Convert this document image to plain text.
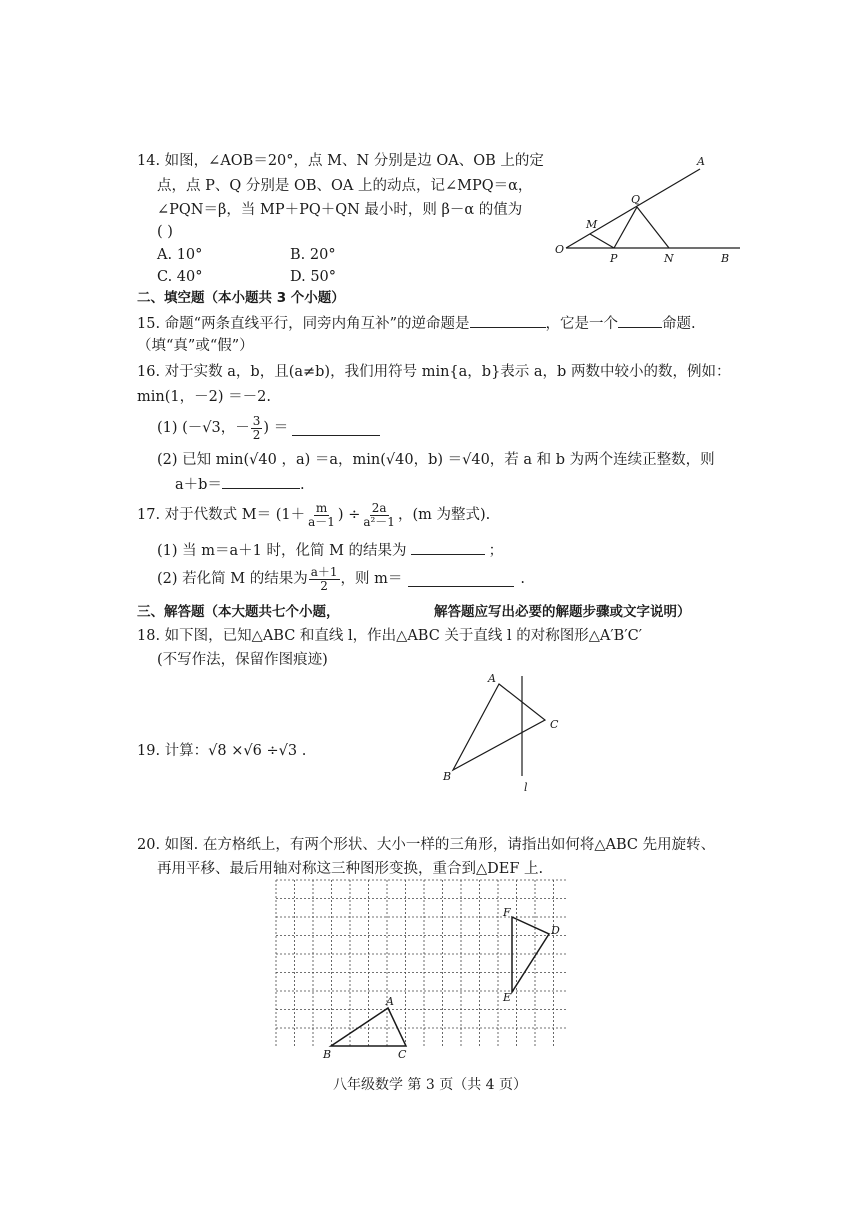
14. 如图，∠AOB＝20°，点 M、N 分别是边 OA、OB 上的定
点，点 P、Q 分别是 OB、OA 上的动点，记∠MPQ＝α，
∠PQN＝β，当 MP＋PQ＋QN 最小时，则 β－α 的值为
( )
A. 10°	B. 20°
C. 40°	D. 50°
A
Q
M
O
P	N	B
A
C
B
l
F
D
E
A
B	C
二、填空题（本小题共 3 个小题）
15. 命题“两条直线平行，同旁内角互补”的逆命题是	，它是一个	命题.
（填“真”或“假”）
16. 对于实数 a，b，且(a≠b)，我们用符号 min{a，b}表示 a，b 两数中较小的数，例如：
min(1，－2) ＝－2.
(1) (－√3，－ $\frac{3}{2}$ ) ＝
(2) 已知 min(√40 ，a) ＝a，min(√40，b) ＝√40，若 a 和 b 为两个连续正整数，则
a＋b＝	.
17. 对于代数式 $M= (1+ \frac{m}{a-1}$ ) ÷ $\frac{2a}{\text{a²－1}}$ ，(m 为整式).
(1) 当 m＝a＋1 时，化简 M 的结果为	；
(2) 若化简 M 的结果为 $\frac{a+1}{2}$ ，则 m＝	.
三、解答题（本大题共七个小题，	解答题应写出必要的解题步骤或文字说明）
18. 如下图，已知△ABC 和直线 l，作出△ABC 关于直线 l 的对称图形△A′B′C′
(不写作法，保留作图痕迹)
19. 计算：√8 ×√6 ÷√3 .
20. 如图. 在方格纸上，有两个形状、大小一样的三角形，请指出如何将△ABC 先用旋转、
再用平移、最后用轴对称这三种图形变换，重合到△DEF 上.
八年级数学 第 3 页（共 4 页）
